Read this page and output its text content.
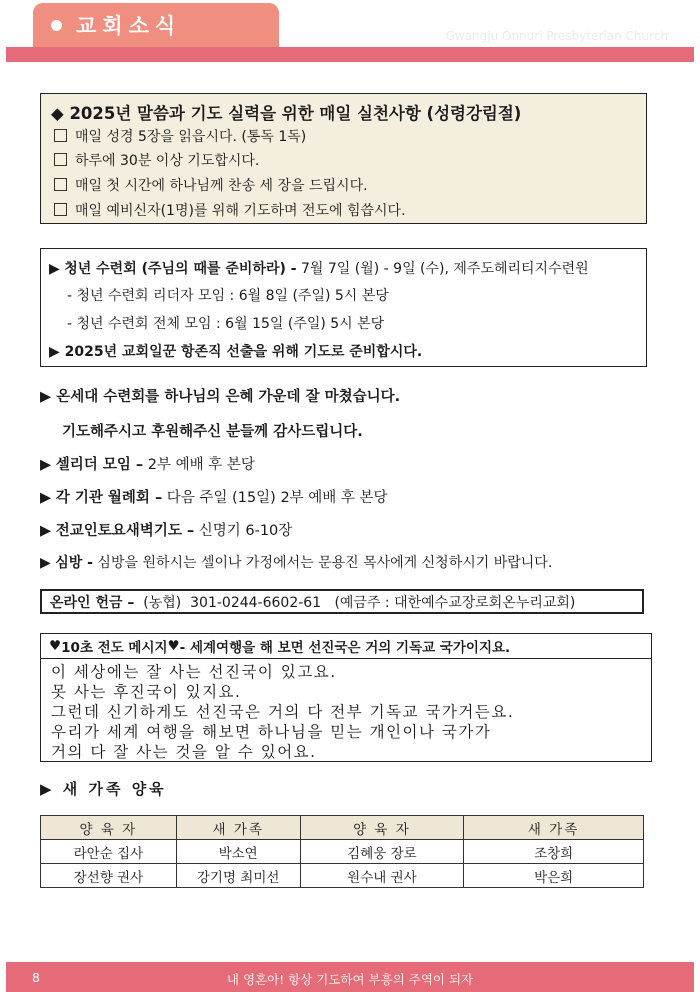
교회소식	Gwangju Onnuri Presbyterian Church
◆ 2025년 말씀과 기도 실력을 위한 매일 실천사항 (성령강림절)
매일 성경 5장을 읽읍시다. (통독 1독)
하루에 30분 이상 기도합시다.
매일 첫 시간에 하나님께 찬송 세 장을 드립시다.
매일 예비신자(1명)를 위해 기도하며 전도에 힘씁시다.
▶ 청년 수련회 (주님의 때를 준비하라) - 7월 7일 (월) - 9일 (수), 제주도헤리티지수련원
- 청년 수련회 리더자 모임 : 6월 8일 (주일) 5시 본당
- 청년 수련회 전체 모임 : 6월 15일 (주일) 5시 본당
▶ 2025년 교회일꾼 항존직 선출을 위해 기도로 준비합시다.
▶ 온세대 수련회를 하나님의 은혜 가운데 잘 마쳤습니다.
기도해주시고 후원해주신 분들께 감사드립니다.
▶ 셀리더 모임 – 2부 예배 후 본당
▶ 각 기관 월례회 – 다음 주일 (15일) 2부 예배 후 본당
▶ 전교인토요새벽기도 – 신명기 6-10장
▶ 심방 - 심방을 원하시는 셀이나 가정에서는 문용진 목사에게 신청하시기 바랍니다.
온라인 헌금 – (농협)  301-0244-6602-61   (예금주 : 대한예수교장로회온누리교회)
♥ 10초 전도 메시지 ♥ - 세계여행을 해 보면 선진국은 거의 기독교 국가이지요.
이 세상에는 잘 사는 선진국이 있고요.
못 사는 후진국이 있지요.
그런데 신기하게도 선진국은 거의 다 전부 기독교 국가거든요.
우리가 세계 여행을 해보면 하나님을 믿는 개인이나 국가가
거의 다 잘 사는 것을 알 수 있어요.
▶ 새 가족 양육
양 육 자	새 가족	양 육 자	새 가족
라안순 집사	박소연	김혜웅 장로	조창희
장선향 권사	강기명 최미선	원수내 권사	박은희
8	내 영혼아! 항상 기도하여 부흥의 주역이 되자
